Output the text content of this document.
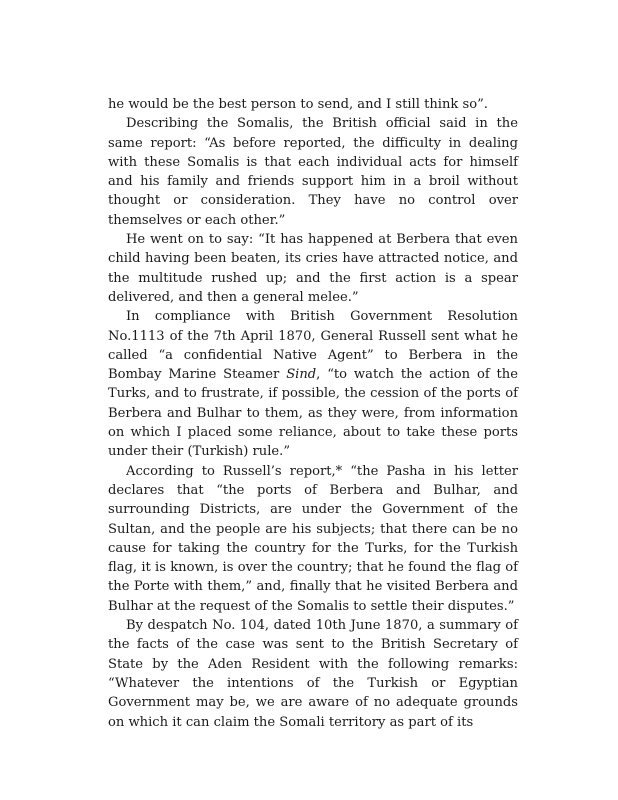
he would be the best person to send, and I still think so”.

Describing the Somalis, the British official said in the same report: “As before reported, the difficulty in dealing with these Somalis is that each individual acts for himself and his family and friends support him in a broil without thought or consideration. They have no control over themselves or each other.”

He went on to say: “It has happened at Berbera that even child having been beaten, its cries have attracted notice, and the multitude rushed up; and the first action is a spear delivered, and then a general melee.”

In compliance with British Government Resolution No.1113 of the 7th April 1870, General Russell sent what he called “a confidential Native Agent” to Berbera in the Bombay Marine Steamer Sind, “to watch the action of the Turks, and to frustrate, if possible, the cession of the ports of Berbera and Bulhar to them, as they were, from information on which I placed some reliance, about to take these ports under their (Turkish) rule.”

According to Russell’s report,* “the Pasha in his letter declares that “the ports of Berbera and Bulhar, and surrounding Districts, are under the Government of the Sultan, and the people are his subjects; that there can be no cause for taking the country for the Turks, for the Turkish flag, it is known, is over the country; that he found the flag of the Porte with them,” and, finally that he visited Berbera and Bulhar at the request of the Somalis to settle their disputes.”

By despatch No. 104, dated 10th June 1870, a summary of the facts of the case was sent to the British Secretary of State by the Aden Resident with the following remarks: “Whatever the intentions of the Turkish or Egyptian Government may be, we are aware of no adequate grounds on which it can claim the Somali territory as part of its
